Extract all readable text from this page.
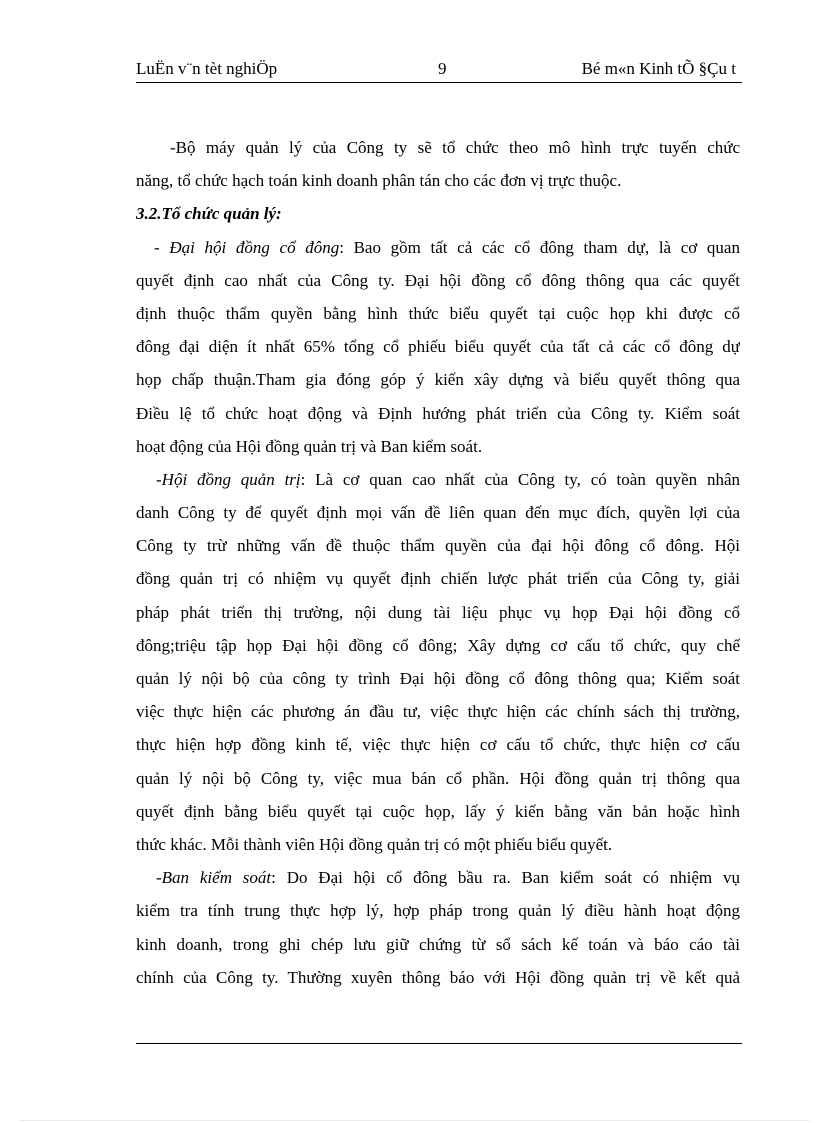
LuËn v¨n tèt nghiÖp	9	Bé m«n Kinh tÕ §Çu t
-Bộ máy quản lý của Công ty sẽ tổ chức theo mô hình trực tuyến chức
năng, tổ chức hạch toán kinh doanh phân tán cho các đơn vị trực thuộc.
3.2.Tổ chức quản lý:
- Đại hội đồng cổ đông: Bao gồm tất cả các cổ đông tham dự, là cơ quan
quyết định cao nhất của Công ty. Đại hội đồng cổ đông thông qua các quyết
định thuộc thẩm quyền bằng hình thức biểu quyết tại cuộc họp khi được cổ
đông đại diện ít nhất 65% tổng cổ phiếu biểu quyết của tất cả các cổ đông dự
họp chấp thuận.Tham gia đóng góp ý kiến xây dựng và biểu quyết thông qua
Điều lệ tổ chức hoạt động và Định hướng phát triển của Công ty. Kiểm soát
hoạt động của Hội đồng quản trị và Ban kiểm soát.
-Hội đồng quản trị: Là cơ quan cao nhất của Công ty, có toàn quyền nhân
danh Công ty để quyết định mọi vấn đề liên quan đến mục đích, quyền lợi của
Công ty trừ những vấn đề thuộc thẩm quyền của đại hội đông cổ đông. Hội
đồng quản trị có nhiệm vụ quyết định chiến lược phát triển của Công ty, giải
pháp phát triển thị trường, nội dung tài liệu phục vụ họp Đại hội đồng cổ
đông;triệu tập họp Đại hội đồng cổ đông; Xây dựng cơ cấu tổ chức, quy chế
quản lý nội bộ của công ty trình Đại hội đồng cổ đông thông qua; Kiểm soát
việc thực hiện các phương án đầu tư, việc thực hiện các chính sách thị trường,
thực hiện hợp đồng kinh tế, việc thực hiện cơ cấu tổ chức, thực hiện cơ cấu
quản lý nội bộ Công ty, việc mua bán cổ phần. Hội đồng quản trị thông qua
quyết định bằng biểu quyết tại cuộc họp, lấy ý kiến bằng văn bản hoặc hình
thức khác. Mỗi thành viên Hội đồng quản trị có một phiếu biểu quyết.
-Ban kiểm soát: Do Đại hội cổ đông bầu ra. Ban kiểm soát có nhiệm vụ
kiểm tra tính trung thực hợp lý, hợp pháp trong quản lý điều hành hoạt động
kinh doanh, trong ghi chép lưu giữ chứng từ sổ sách kế toán và báo cáo tài
chính của Công ty. Thường xuyên thông báo với Hội đồng quản trị về kết quả
